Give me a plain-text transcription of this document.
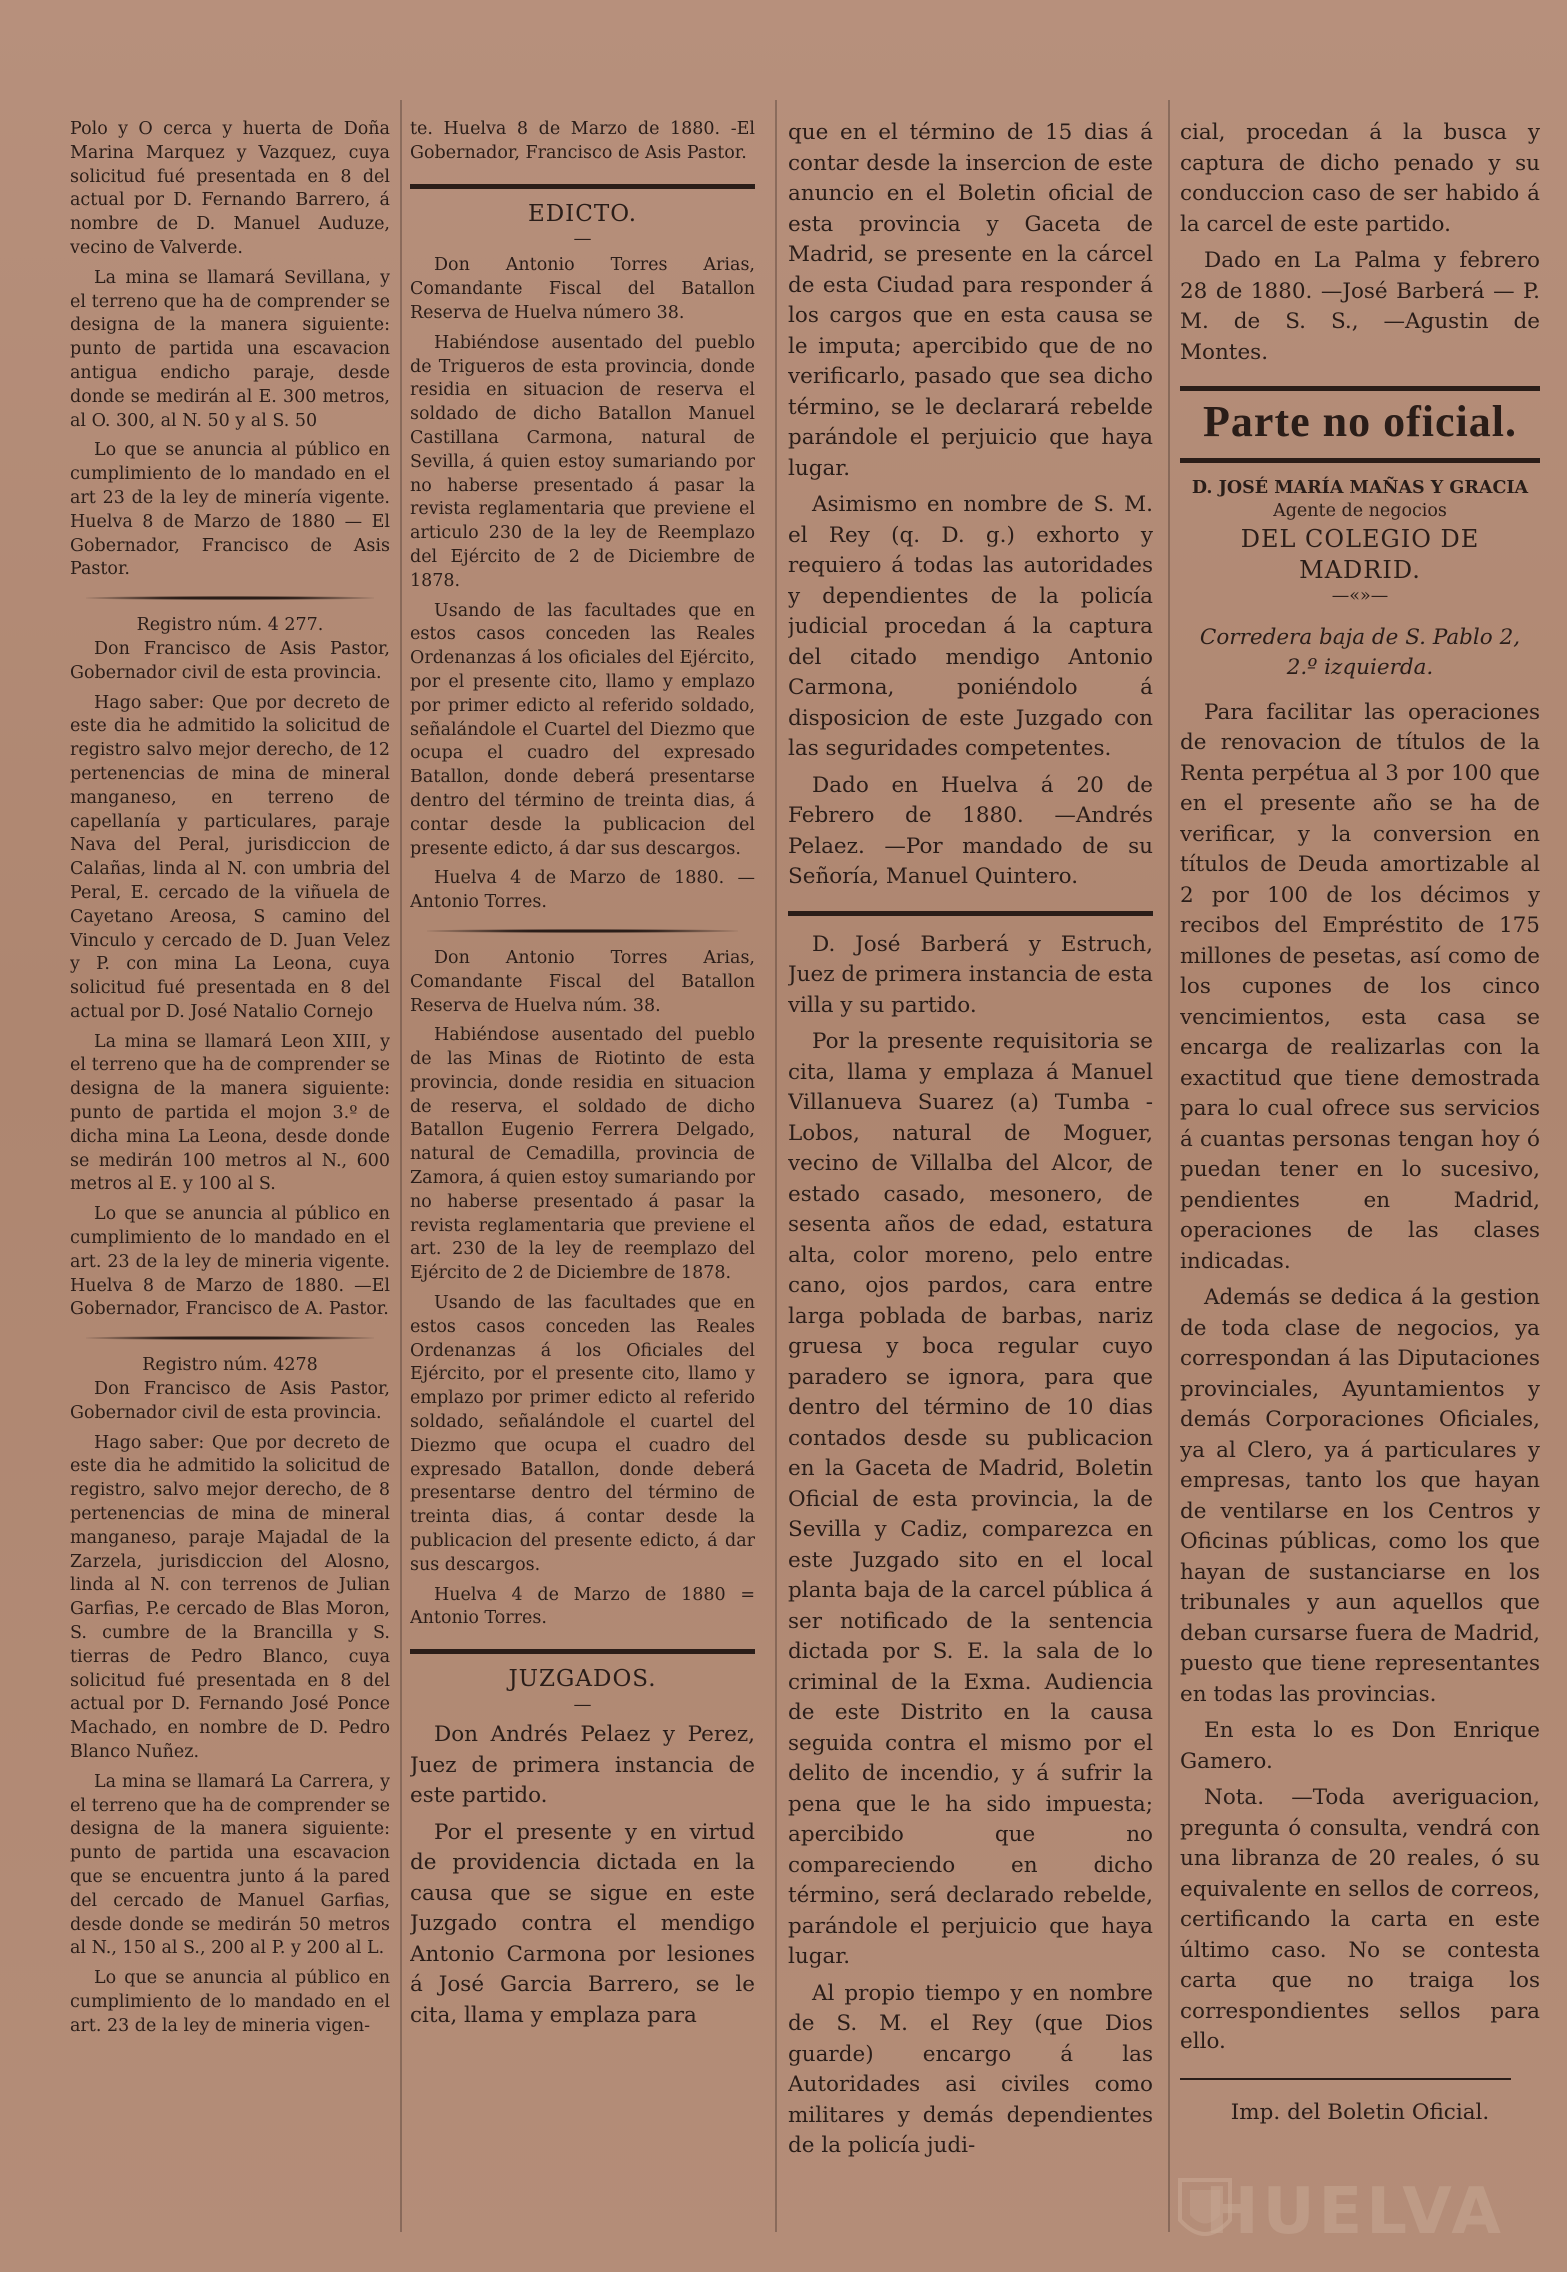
Polo y O cerca y huerta de Doña Marina Marquez y Vazquez, cuya solicitud fué presentada en 8 del actual por D. Fernando Barrero, á nombre de D. Manuel Auduze, vecino de Valverde.

La mina se llamará Sevillana, y el terreno que ha de comprender se designa de la manera siguiente: punto de partida una escavacion antigua endicho paraje, desde donde se medirán al E. 300 metros, al O. 300, al N. 50 y al S. 50

Lo que se anuncia al público en cumplimiento de lo mandado en el art 23 de la ley de minería vigente. Huelva 8 de Marzo de 1880 — El Gobernador, Francisco de Asis Pastor.

Registro núm. 4 277.

Don Francisco de Asis Pastor, Gobernador civil de esta provincia.

Hago saber: Que por decreto de este dia he admitido la solicitud de registro salvo mejor derecho, de 12 pertenencias de mina de mineral manganeso, en terreno de capellanía y particulares, paraje Nava del Peral, jurisdiccion de Calañas, linda al N. con umbria del Peral, E. cercado de la viñuela de Cayetano Areosa, S camino del Vinculo y cercado de D. Juan Velez y P. con mina La Leona, cuya solicitud fué presentada en 8 del actual por D. José Natalio Cornejo

La mina se llamará Leon XIII, y el terreno que ha de comprender se designa de la manera siguiente: punto de partida el mojon 3.º de dicha mina La Leona, desde donde se medirán 100 metros al N., 600 metros al E. y 100 al S.

Lo que se anuncia al público en cumplimiento de lo mandado en el art. 23 de la ley de mineria vigente. Huelva 8 de Marzo de 1880. —El Gobernador, Francisco de A. Pastor.

Registro núm. 4278

Don Francisco de Asis Pastor, Gobernador civil de esta provincia.

Hago saber: Que por decreto de este dia he admitido la solicitud de registro, salvo mejor derecho, de 8 pertenencias de mina de mineral manganeso, paraje Majadal de la Zarzela, jurisdiccion del Alosno, linda al N. con terrenos de Julian Garfias, P.e cercado de Blas Moron, S. cumbre de la Brancilla y S. tierras de Pedro Blanco, cuya solicitud fué presentada en 8 del actual por D. Fernando José Ponce Machado, en nombre de D. Pedro Blanco Nuñez.

La mina se llamará La Carrera, y el terreno que ha de comprender se designa de la manera siguiente: punto de partida una escavacion que se encuentra junto á la pared del cercado de Manuel Garfias, desde donde se medirán 50 metros al N., 150 al S., 200 al P. y 200 al L.

Lo que se anuncia al público en cumplimiento de lo mandado en el art. 23 de la ley de mineria vigen-

te. Huelva 8 de Marzo de 1880. -El Gobernador, Francisco de Asis Pastor.

EDICTO.
—

Don Antonio Torres Arias, Comandante Fiscal del Batallon Reserva de Huelva número 38.

Habiéndose ausentado del pueblo de Trigueros de esta provincia, donde residia en situacion de reserva el soldado de dicho Batallon Manuel Castillana Carmona, natural de Sevilla, á quien estoy sumariando por no haberse presentado á pasar la revista reglamentaria que previene el articulo 230 de la ley de Reemplazo del Ejército de 2 de Diciembre de 1878.

Usando de las facultades que en estos casos conceden las Reales Ordenanzas á los oficiales del Ejército, por el presente cito, llamo y emplazo por primer edicto al referido soldado, señalándole el Cuartel del Diezmo que ocupa el cuadro del expresado Batallon, donde deberá presentarse dentro del término de treinta dias, á contar desde la publicacion del presente edicto, á dar sus descargos.

Huelva 4 de Marzo de 1880. — Antonio Torres.

Don Antonio Torres Arias, Comandante Fiscal del Batallon Reserva de Huelva núm. 38.

Habiéndose ausentado del pueblo de las Minas de Riotinto de esta provincia, donde residia en situacion de reserva, el soldado de dicho Batallon Eugenio Ferrera Delgado, natural de Cemadilla, provincia de Zamora, á quien estoy sumariando por no haberse presentado á pasar la revista reglamentaria que previene el art. 230 de la ley de reemplazo del Ejército de 2 de Diciembre de 1878.

Usando de las facultades que en estos casos conceden las Reales Ordenanzas á los Oficiales del Ejército, por el presente cito, llamo y emplazo por primer edicto al referido soldado, señalándole el cuartel del Diezmo que ocupa el cuadro del expresado Batallon, donde deberá presentarse dentro del término de treinta dias, á contar desde la publicacion del presente edicto, á dar sus descargos.

Huelva 4 de Marzo de 1880 = Antonio Torres.

JUZGADOS.
—

Don Andrés Pelaez y Perez, Juez de primera instancia de este partido.

Por el presente y en virtud de providencia dictada en la causa que se sigue en este Juzgado contra el mendigo Antonio Carmona por lesiones á José Garcia Barrero, se le cita, llama y emplaza para

que en el término de 15 dias á contar desde la insercion de este anuncio en el Boletin oficial de esta provincia y Gaceta de Madrid, se presente en la cárcel de esta Ciudad para responder á los cargos que en esta causa se le imputa; apercibido que de no verificarlo, pasado que sea dicho término, se le declarará rebelde parándole el perjuicio que haya lugar.

Asimismo en nombre de S. M. el Rey (q. D. g.) exhorto y requiero á todas las autoridades y dependientes de la policía judicial procedan á la captura del citado mendigo Antonio Carmona, poniéndolo á disposicion de este Juzgado con las seguridades competentes.

Dado en Huelva á 20 de Febrero de 1880. —Andrés Pelaez. —Por mandado de su Señoría, Manuel Quintero.

D. José Barberá y Estruch, Juez de primera instancia de esta villa y su partido.

Por la presente requisitoria se cita, llama y emplaza á Manuel Villanueva Suarez (a) Tumba - Lobos, natural de Moguer, vecino de Villalba del Alcor, de estado casado, mesonero, de sesenta años de edad, estatura alta, color moreno, pelo entre cano, ojos pardos, cara entre larga poblada de barbas, nariz gruesa y boca regular cuyo paradero se ignora, para que dentro del término de 10 dias contados desde su publicacion en la Gaceta de Madrid, Boletin Oficial de esta provincia, la de Sevilla y Cadiz, comparezca en este Juzgado sito en el local planta baja de la carcel pública á ser notificado de la sentencia dictada por S. E. la sala de lo criminal de la Exma. Audiencia de este Distrito en la causa seguida contra el mismo por el delito de incendio, y á sufrir la pena que le ha sido impuesta; apercibido que no compareciendo en dicho término, será declarado rebelde, parándole el perjuicio que haya lugar.

Al propio tiempo y en nombre de S. M. el Rey (que Dios guarde) encargo á las Autoridades asi civiles como militares y demás dependientes de la policía judi-

cial, procedan á la busca y captura de dicho penado y su conduccion caso de ser habido á la carcel de este partido.

Dado en La Palma y febrero 28 de 1880. —José Barberá — P. M. de S. S., —Agustin de Montes.

Parte no oficial.
D. JOSÉ MARÍA MAÑAS Y GRACIA
Agente de negocios
DEL COLEGIO DE MADRID.
—«»—
Corredera baja de S. Pablo 2,
2.º izquierda.

Para facilitar las operaciones de renovacion de títulos de la Renta perpétua al 3 por 100 que en el presente año se ha de verificar, y la conversion en títulos de Deuda amortizable al 2 por 100 de los décimos y recibos del Empréstito de 175 millones de pesetas, así como de los cupones de los cinco vencimientos, esta casa se encarga de realizarlas con la exactitud que tiene demostrada para lo cual ofrece sus servicios á cuantas personas tengan hoy ó puedan tener en lo sucesivo, pendientes en Madrid, operaciones de las clases indicadas.

Además se dedica á la gestion de toda clase de negocios, ya correspondan á las Diputaciones provinciales, Ayuntamientos y demás Corporaciones Oficiales, ya al Clero, ya á particulares y empresas, tanto los que hayan de ventilarse en los Centros y Oficinas públicas, como los que hayan de sustanciarse en los tribunales y aun aquellos que deban cursarse fuera de Madrid, puesto que tiene representantes en todas las provincias.

En esta lo es Don Enrique Gamero.

Nota. —Toda averiguacion, pregunta ó consulta, vendrá con una libranza de 20 reales, ó su equivalente en sellos de correos, certificando la carta en este último caso. No se contesta carta que no traiga los correspondientes sellos para ello.

Imp. del Boletin Oficial.
HUELVA
